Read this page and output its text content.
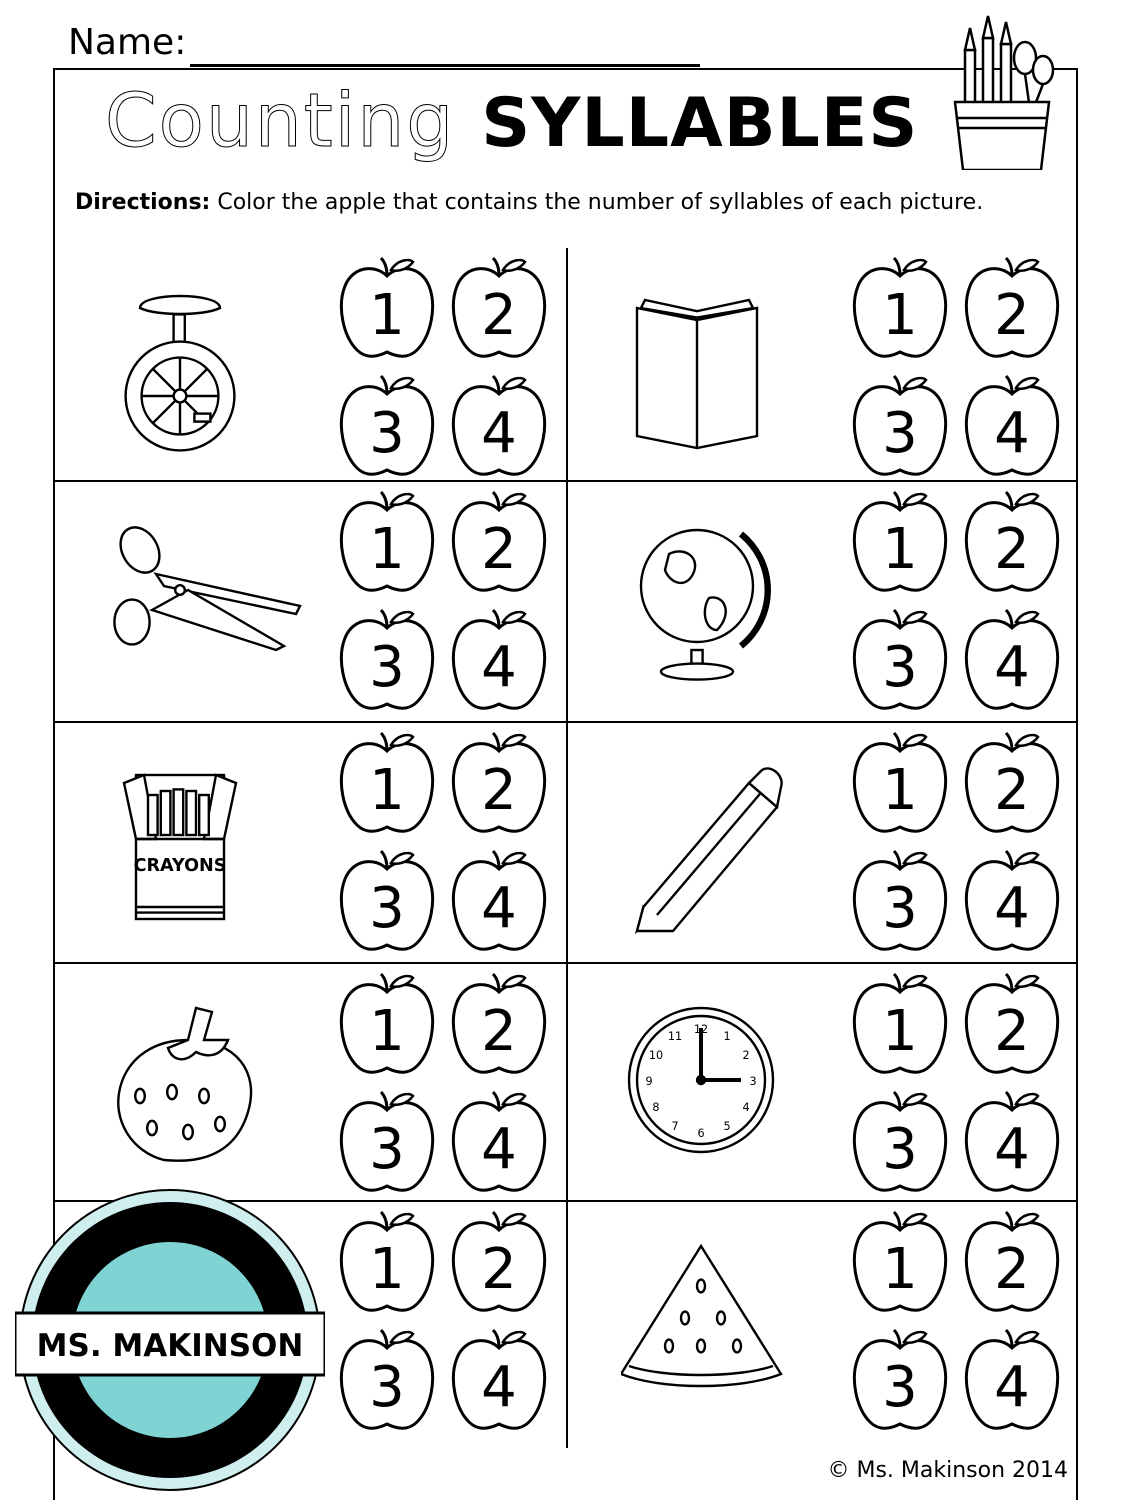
Name:
Counting SYLLABLES
Directions: Color the apple that contains the number of syllables of each picture.
1 2
3 4
1 2
3 4
1 2
3 4
1 2
3 4
CRAYONS
1 2
3 4
1 2
3 4
1 2
3 4
12
1
2
3
4
5
6
7
8
9
10
11	1 2
3 4
1 2
3 4
1 2
3 4
MS. MAKINSON
© Ms. Makinson 2014
